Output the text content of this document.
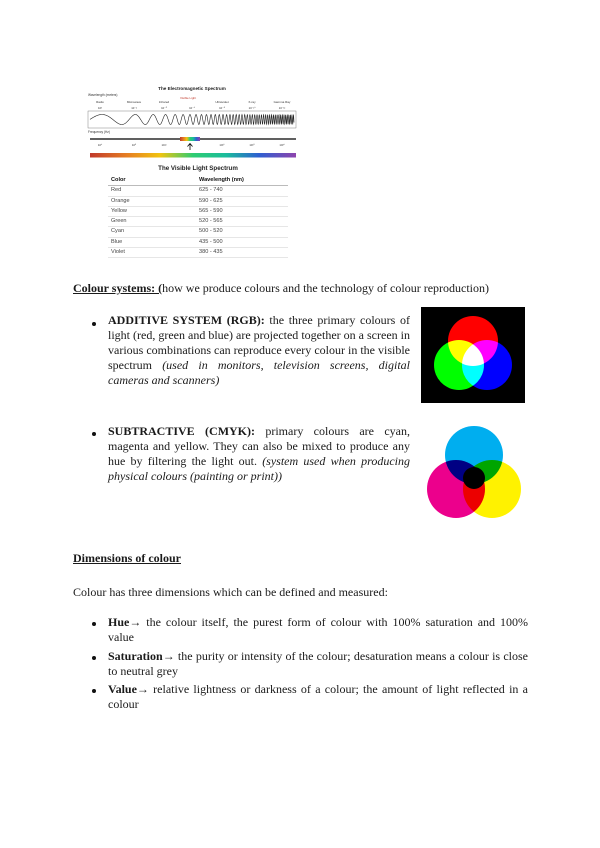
The Electromagnetic Spectrum
Wavelength (meters)
Radio	Microwave	Infrared
Visible Light
Ultraviolet	X-ray	Gamma Ray
10³	10⁻²	10⁻⁵	10⁻⁶	10⁻⁸	10⁻¹⁰	10⁻¹²
Frequency (Hz)
10⁴	10⁸	10¹²	10¹⁶	10¹⁸	10²⁰
The Visible Light Spectrum
Color	Wavelength (nm)
Red	625 - 740
Orange	590 - 625
Yellow	565 - 590
Green	520 - 565
Cyan	500 - 520
Blue	435 - 500
Violet	380 - 435
Colour systems: (how we produce colours and the technology of colour reproduction)
ADDITIVE SYSTEM (RGB): the three primary colours of light (red, green and blue) are projected together on a screen in various combinations can reproduce every colour in the visible spectrum (used in monitors, television screens, digital cameras and scanners)
SUBTRACTIVE (CMYK): primary colours are cyan, magenta and yellow. They can also be mixed to produce any hue by filtering the light out. (system used when producing physical colours (painting or print))
Dimensions of colour
Colour has three dimensions which can be defined and measured:
Hue→ the colour itself, the purest form of colour with 100% saturation and 100% value
Saturation→ the purity or intensity of the colour; desaturation means a colour is close to neutral grey
Value→ relative lightness or darkness of a colour; the amount of light reflected in a colour
